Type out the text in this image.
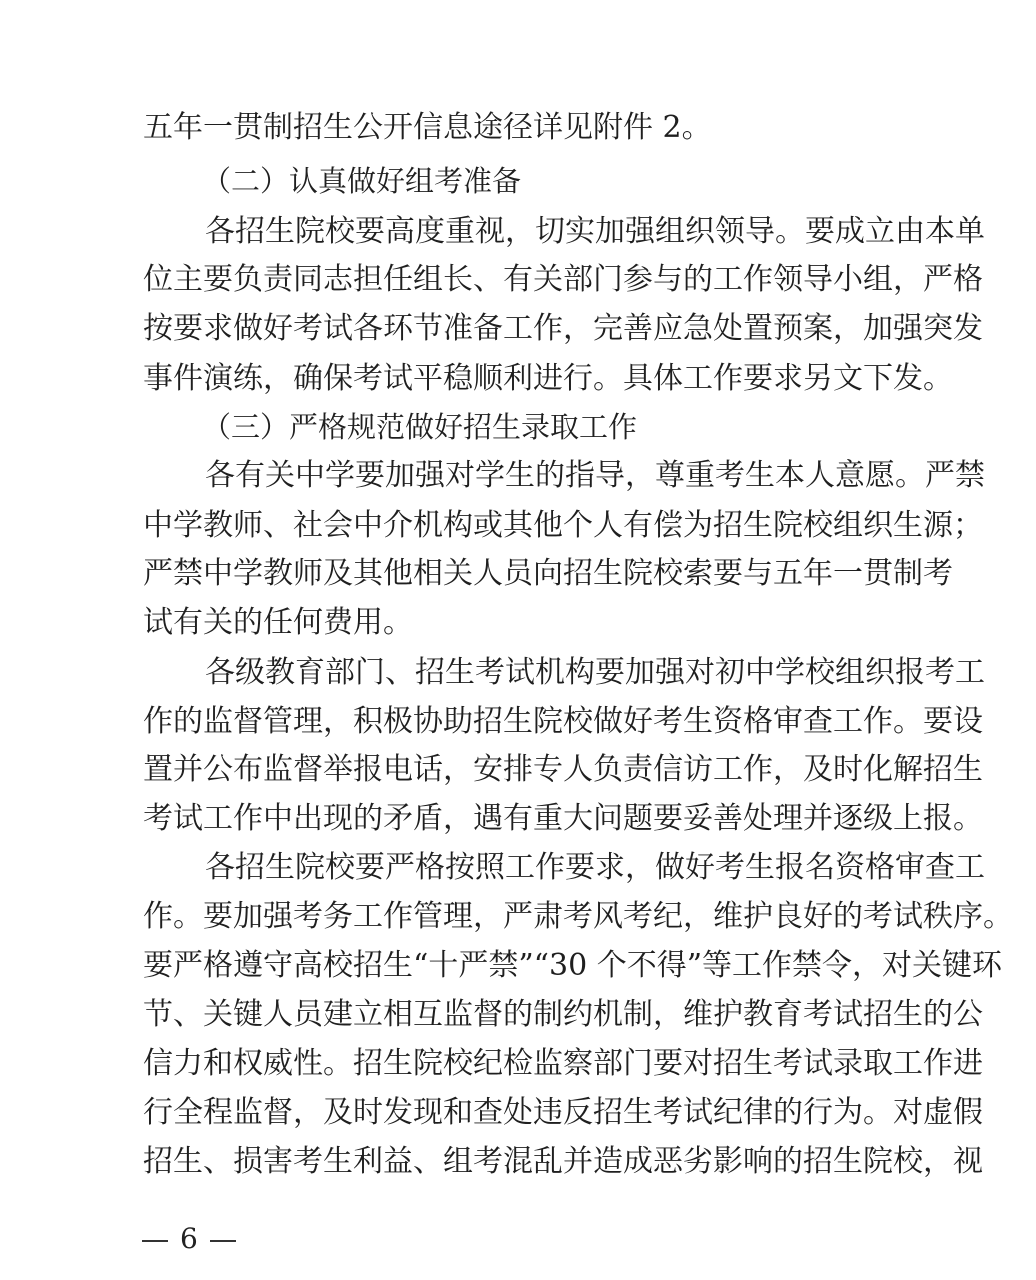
五年一贯制招生公开信息途径详见附件 2。
（二）认真做好组考准备
各招生院校要高度重视，切实加强组织领导。要成立由本单
位主要负责同志担任组长、有关部门参与的工作领导小组，严格
按要求做好考试各环节准备工作，完善应急处置预案，加强突发
事件演练，确保考试平稳顺利进行。具体工作要求另文下发。
（三）严格规范做好招生录取工作
各有关中学要加强对学生的指导，尊重考生本人意愿。严禁
中学教师、社会中介机构或其他个人有偿为招生院校组织生源；
严禁中学教师及其他相关人员向招生院校索要与五年一贯制考
试有关的任何费用。
各级教育部门、招生考试机构要加强对初中学校组织报考工
作的监督管理，积极协助招生院校做好考生资格审查工作。要设
置并公布监督举报电话，安排专人负责信访工作，及时化解招生
考试工作中出现的矛盾，遇有重大问题要妥善处理并逐级上报。
各招生院校要严格按照工作要求，做好考生报名资格审查工
作。要加强考务工作管理，严肃考风考纪，维护良好的考试秩序。
要严格遵守高校招生“十严禁”“30 个不得”等工作禁令，对关键环
节、关键人员建立相互监督的制约机制，维护教育考试招生的公
信力和权威性。招生院校纪检监察部门要对招生考试录取工作进
行全程监督，及时发现和查处违反招生考试纪律的行为。对虚假
招生、损害考生利益、组考混乱并造成恶劣影响的招生院校，视
6
